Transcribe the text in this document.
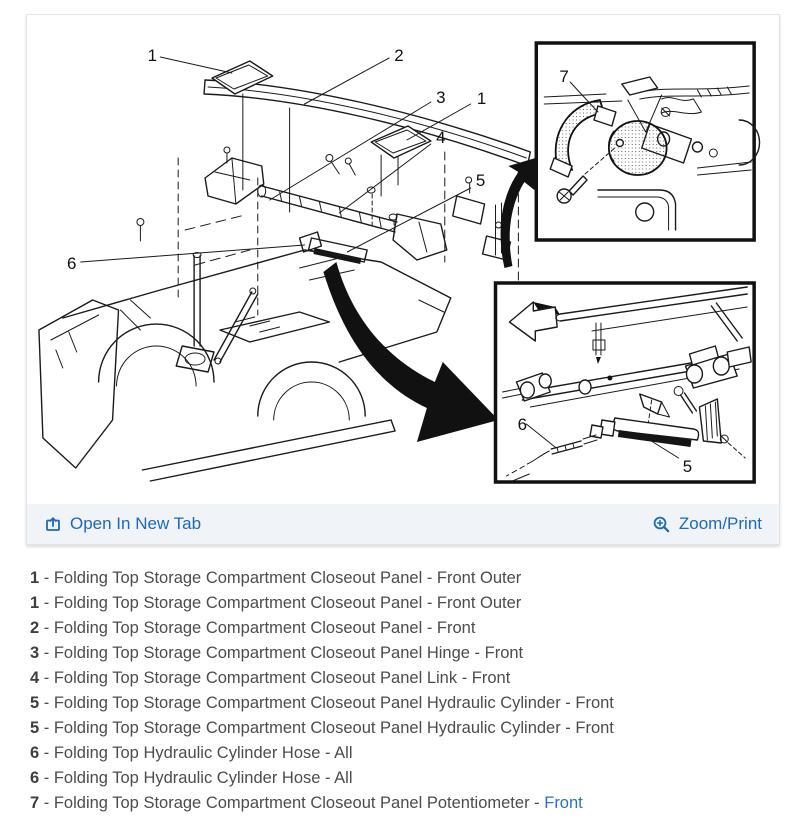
1	2
3 1
4
5
6
7
6
5
Open In New Tab	Zoom/Print
1 - Folding Top Storage Compartment Closeout Panel - Front Outer
1 - Folding Top Storage Compartment Closeout Panel - Front Outer
2 - Folding Top Storage Compartment Closeout Panel - Front
3 - Folding Top Storage Compartment Closeout Panel Hinge - Front
4 - Folding Top Storage Compartment Closeout Panel Link - Front
5 - Folding Top Storage Compartment Closeout Panel Hydraulic Cylinder - Front
5 - Folding Top Storage Compartment Closeout Panel Hydraulic Cylinder - Front
6 - Folding Top Hydraulic Cylinder Hose - All
6 - Folding Top Hydraulic Cylinder Hose - All
7 - Folding Top Storage Compartment Closeout Panel Potentiometer - Front
